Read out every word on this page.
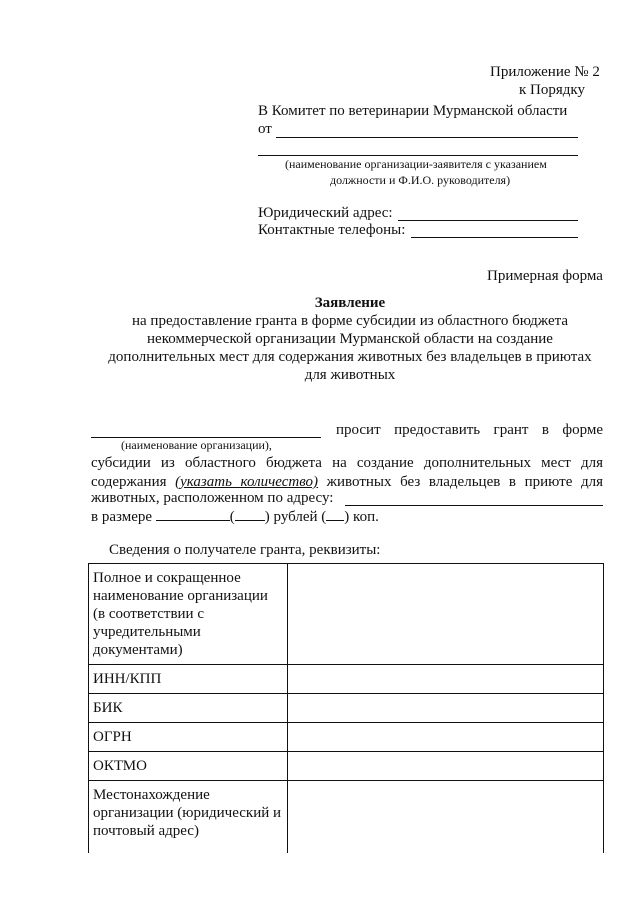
Приложение № 2
к Порядку
В Комитет по ветеринарии Мурманской области
от
(наименование организации-заявителя с указанием
должности и Ф.И.О. руководителя)
Юридический адрес:
Контактные телефоны:
Примерная форма
Заявление
на предоставление гранта в форме субсидии из областного бюджета
некоммерческой организации Мурманской области на создание
дополнительных мест для содержания животных без владельцев в приютах
для животных
просит предоставить грант в форме
(наименование организации),
субсидии из областного бюджета на создание дополнительных мест для
содержания (указать количество) животных без владельцев в приюте для
животных, расположенном по адресу:
в размере	( ) рублей ( ) коп.
Сведения о получателе гранта, реквизиты:
Полное и сокращенное наименование организации (в соответствии с учредительными документами)	
ИНН/КПП	
БИК	
ОГРН	
ОКТМО	
Местонахождение организации (юридический и почтовый адрес)	
